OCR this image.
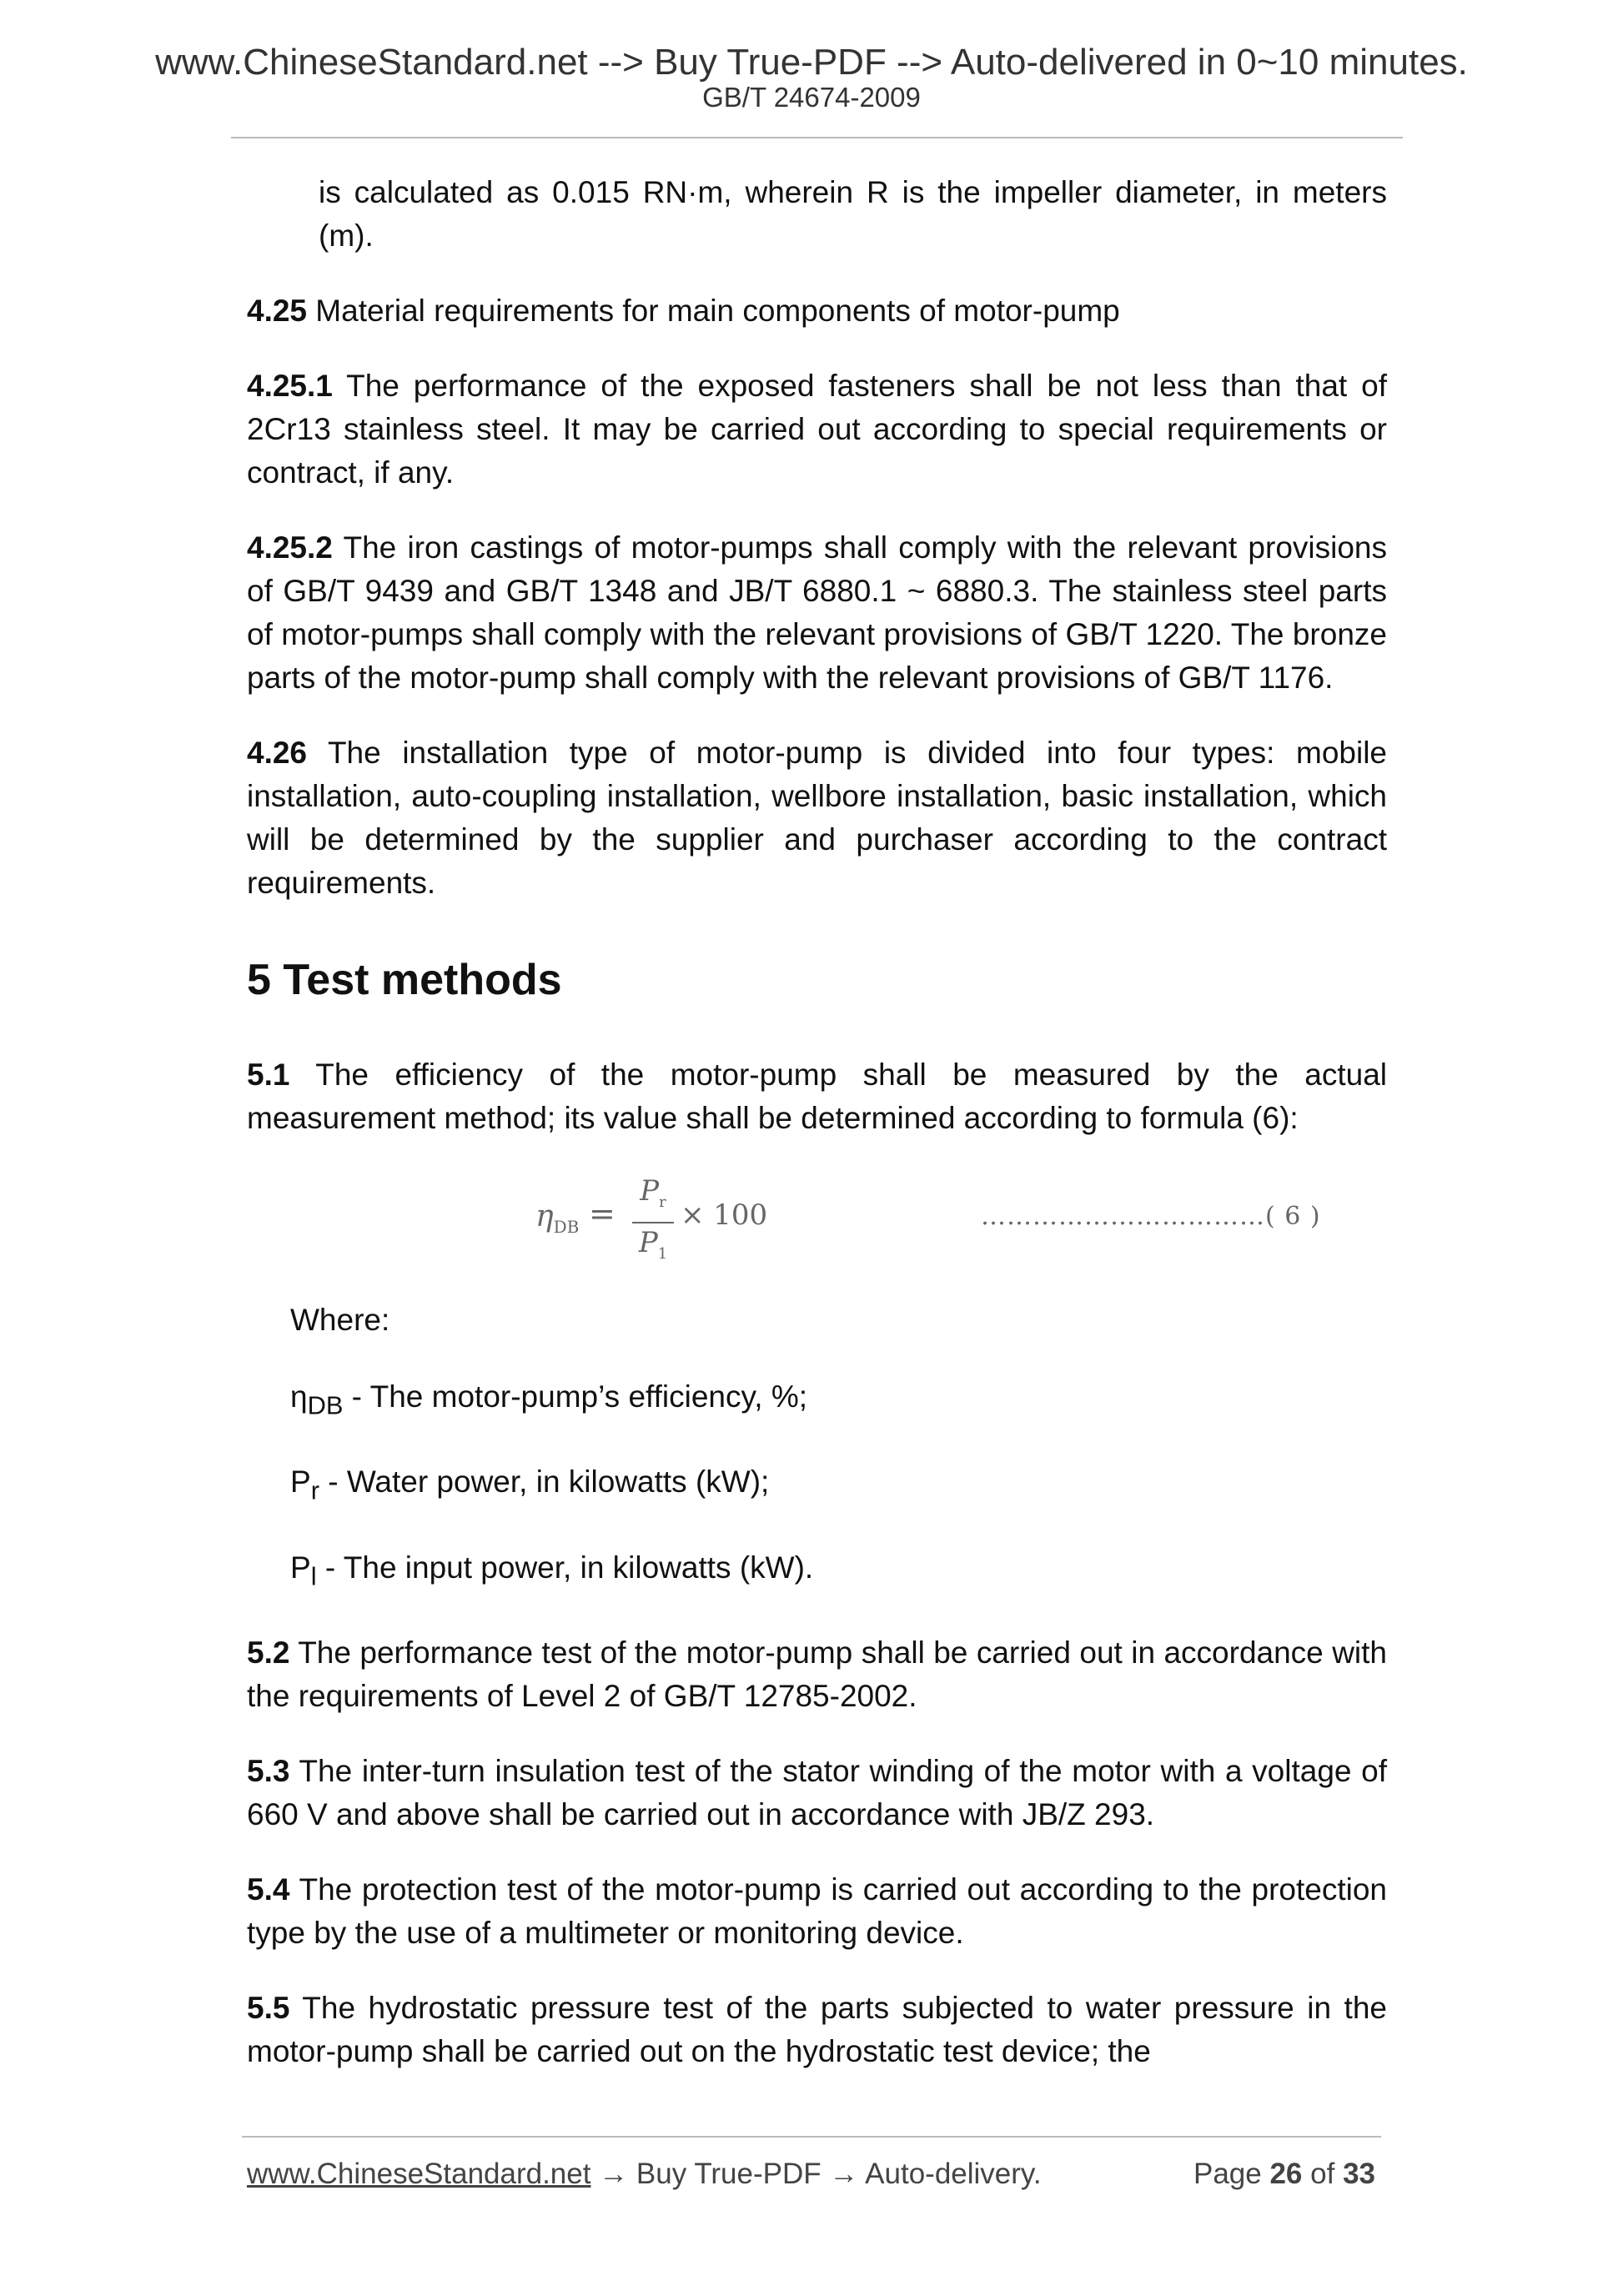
www.ChineseStandard.net --> Buy True-PDF --> Auto-delivered in 0~10 minutes.
GB/T 24674-2009

is calculated as 0.015 RN·m, wherein R is the impeller diameter, in meters (m).

4.25 Material requirements for main components of motor-pump

4.25.1 The performance of the exposed fasteners shall be not less than that of 2Cr13 stainless steel. It may be carried out according to special requirements or contract, if any.

4.25.2 The iron castings of motor-pumps shall comply with the relevant provisions of GB/T 9439 and GB/T 1348 and JB/T 6880.1 ~ 6880.3. The stainless steel parts of motor-pumps shall comply with the relevant provisions of GB/T 1220. The bronze parts of the motor-pump shall comply with the relevant provisions of GB/T 1176.

4.26 The installation type of motor-pump is divided into four types: mobile installation, auto-coupling installation, wellbore installation, basic installation, which will be determined by the supplier and purchaser according to the contract requirements.

5 Test methods

5.1 The efficiency of the motor-pump shall be measured by the actual measurement method; its value shall be determined according to formula (6):

$\eta_{DB}$ =
$P_r$
$P_1$
× 100	……………………………( 6 )

Where:

$\eta_{DB}$ - The motor-pump’s efficiency, %;

$P_r$ - Water power, in kilowatts (kW);

$P_l$ - The input power, in kilowatts (kW).

5.2 The performance test of the motor-pump shall be carried out in accordance with the requirements of Level 2 of GB/T 12785-2002.

5.3 The inter-turn insulation test of the stator winding of the motor with a voltage of 660 V and above shall be carried out in accordance with JB/Z 293.

5.4 The protection test of the motor-pump is carried out according to the protection type by the use of a multimeter or monitoring device.

5.5 The hydrostatic pressure test of the parts subjected to water pressure in the motor-pump shall be carried out on the hydrostatic test device; the

www.ChineseStandard.net → Buy True-PDF → Auto-delivery.	Page 26 of 33
